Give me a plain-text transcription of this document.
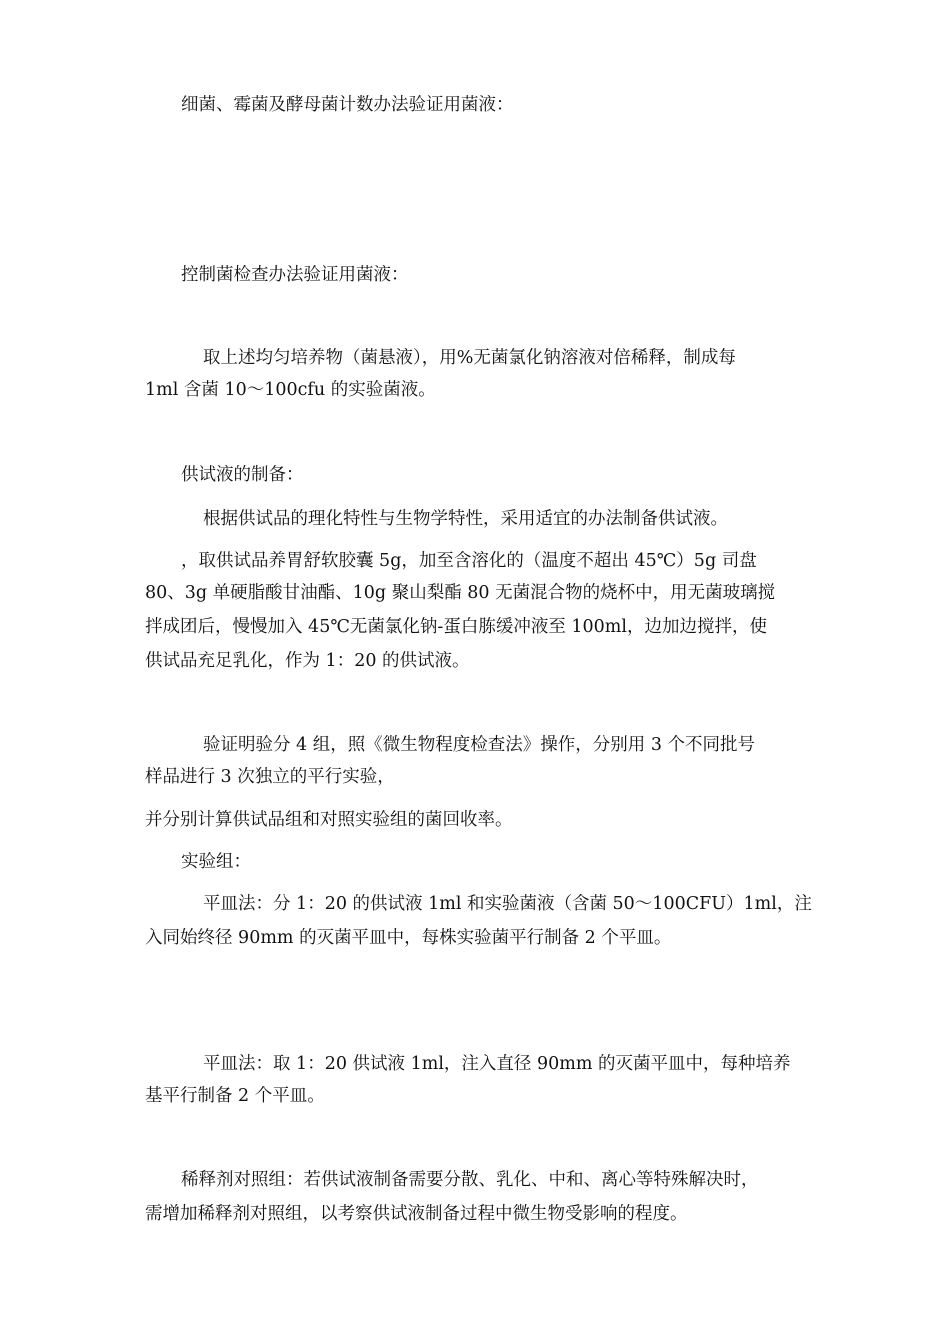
细菌、霉菌及酵母菌计数办法验证用菌液：

控制菌检查办法验证用菌液：

取上述均匀培养物（菌悬液），用%无菌氯化钠溶液对倍稀释，制成每

1ml 含菌 10～100cfu 的实验菌液。

供试液的制备：

根据供试品的理化特性与生物学特性，采用适宜的办法制备供试液。

，取供试品养胃舒软胶囊 5g，加至含溶化的（温度不超出 45℃）5g 司盘

80、3g 单硬脂酸甘油酯、10g 聚山梨酯 80 无菌混合物的烧杯中，用无菌玻璃搅

拌成团后，慢慢加入 45℃无菌氯化钠-蛋白胨缓冲液至 100ml，边加边搅拌，使

供试品充足乳化，作为 1：20 的供试液。

验证明验分 4 组，照《微生物程度检查法》操作，分别用 3 个不同批号

样品进行 3 次独立的平行实验，

并分别计算供试品组和对照实验组的菌回收率。

实验组：

平皿法：分 1：20 的供试液 1ml 和实验菌液（含菌 50～100CFU）1ml，注

入同始终径 90mm 的灭菌平皿中，每株实验菌平行制备 2 个平皿。

平皿法：取 1：20 供试液 1ml，注入直径 90mm 的灭菌平皿中，每种培养

基平行制备 2 个平皿。

稀释剂对照组：若供试液制备需要分散、乳化、中和、离心等特殊解决时，

需增加稀释剂对照组，以考察供试液制备过程中微生物受影响的程度。
